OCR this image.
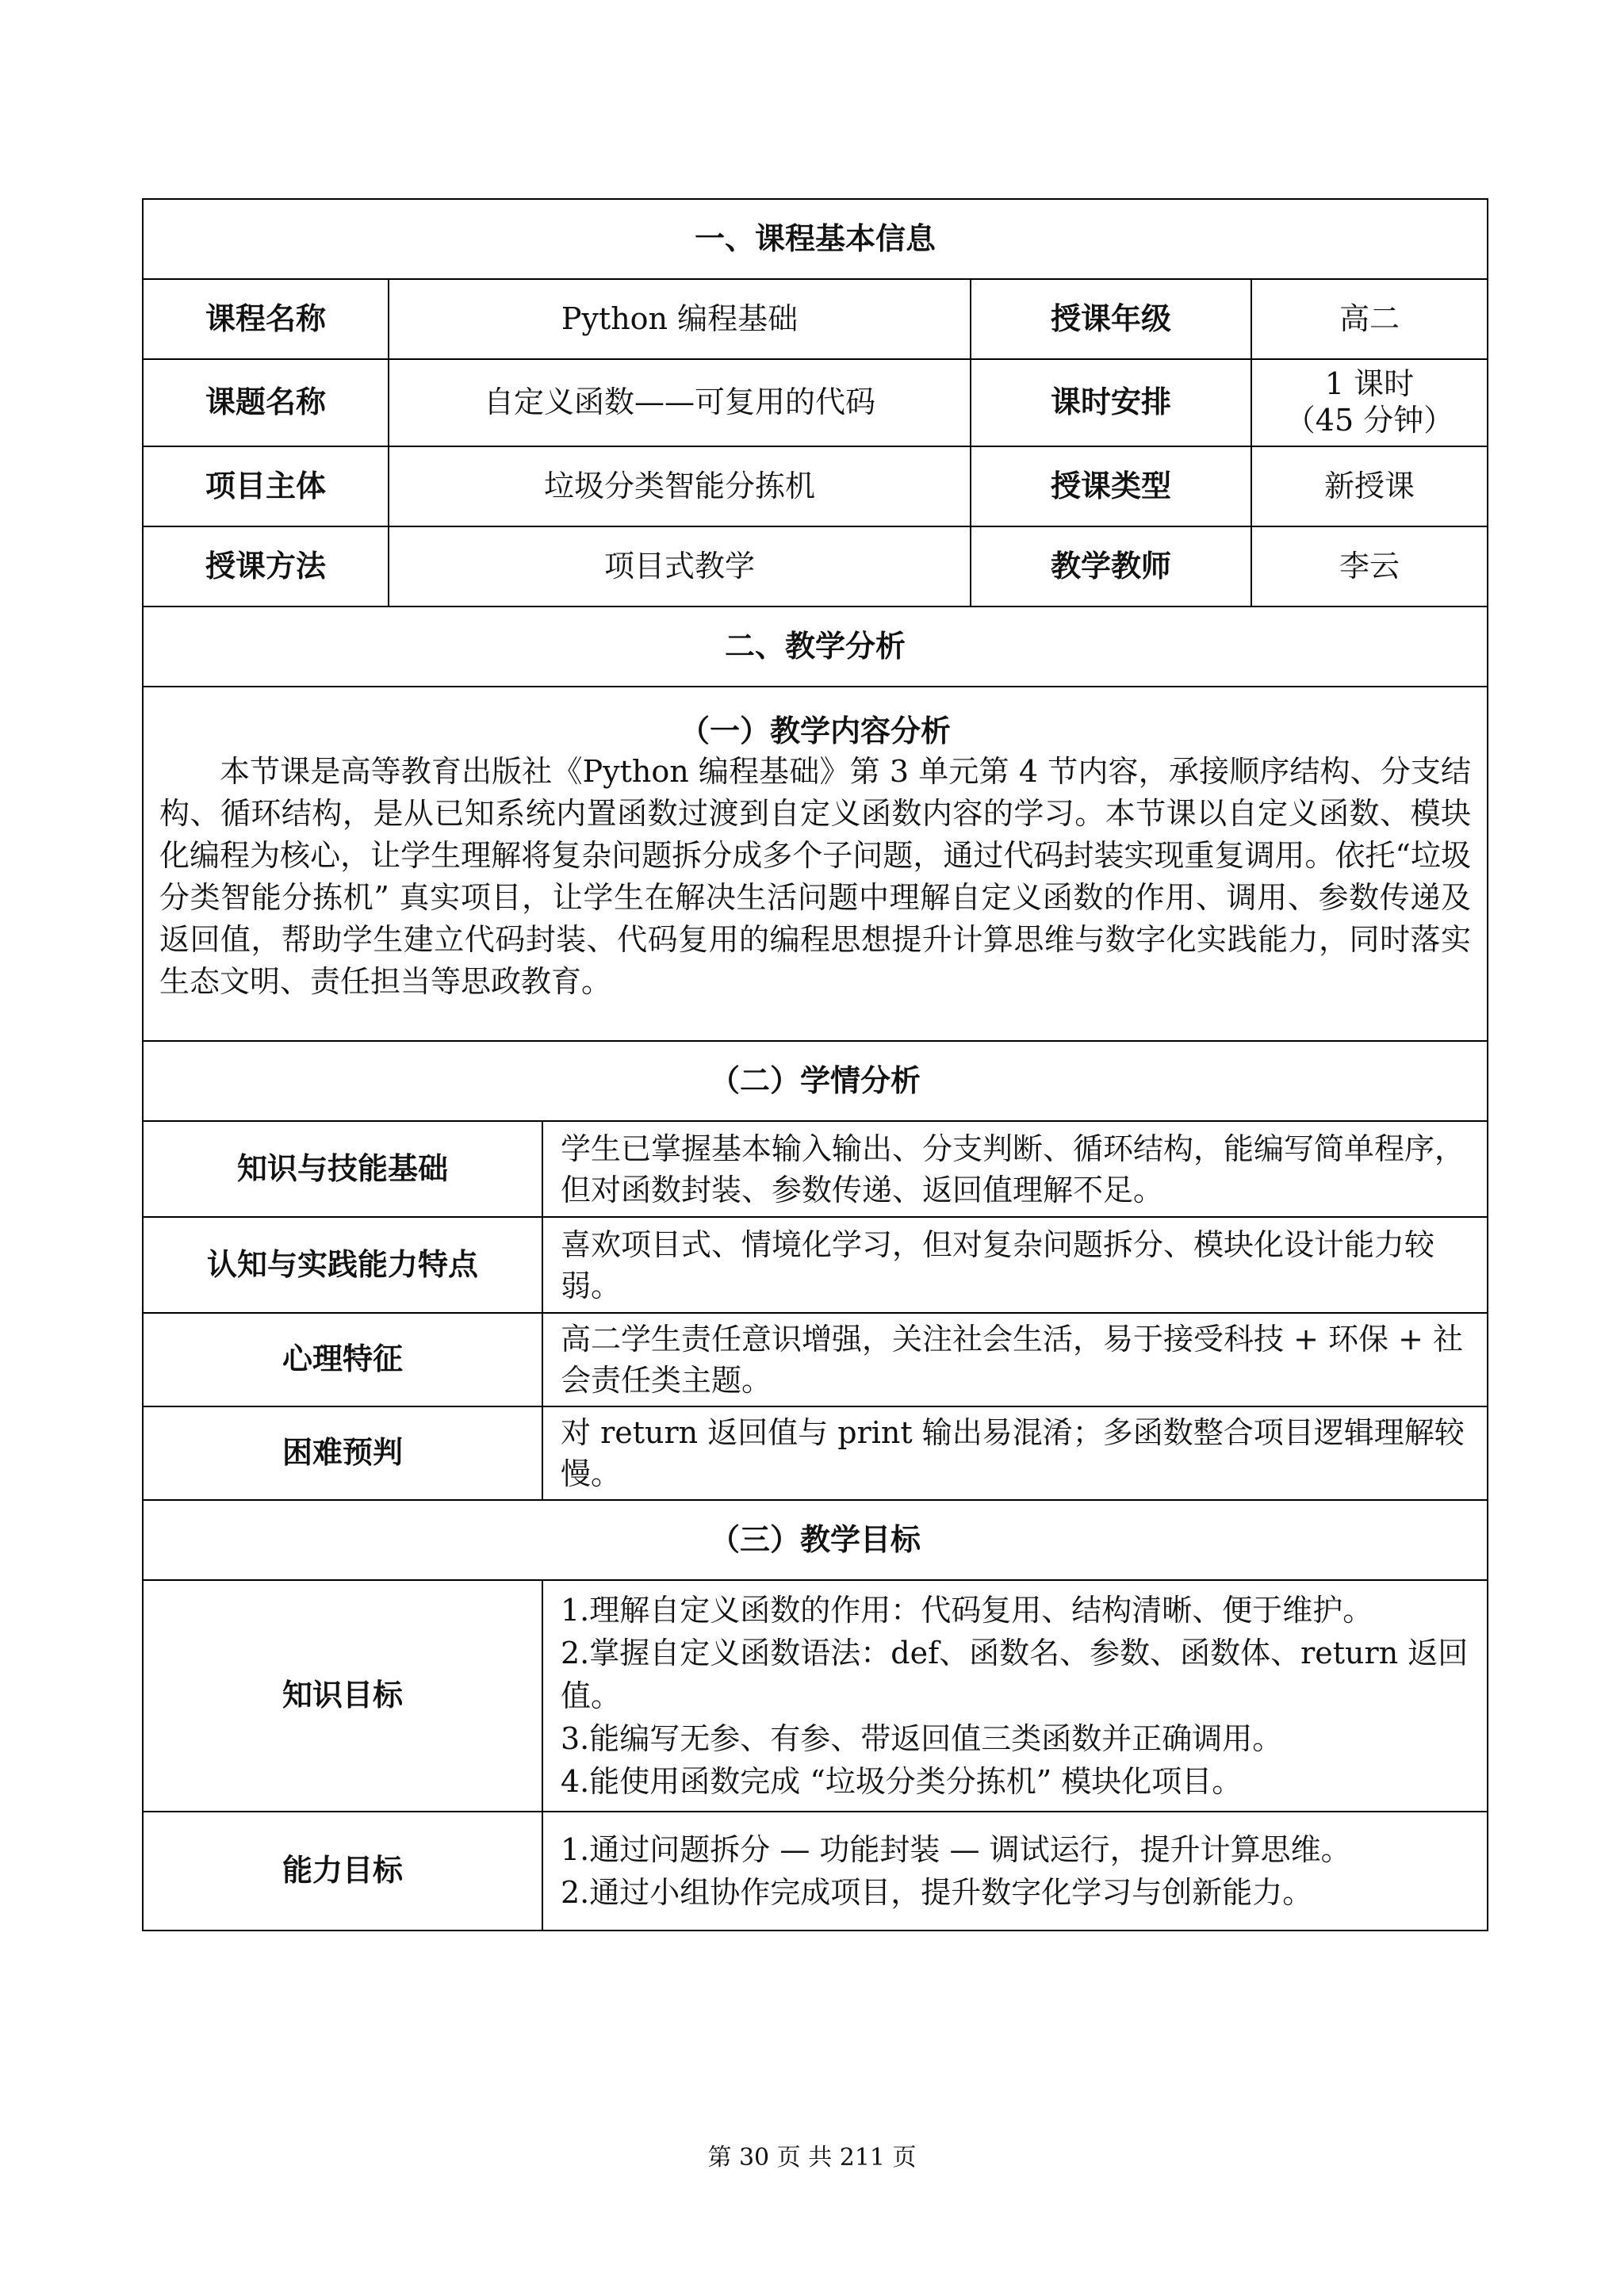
一、课程基本信息				
课程名称	Python 编程基础		授课年级	高二
课题名称	自定义函数——可复用的代码		课时安排	1 课时
（45 分钟）

项目主体	垃圾分类智能分拣机		授课类型	新授课
授课方法	项目式教学		教学教师	李云
二、教学分析				

（一）教学内容分析
本节课是高等教育出版社《Python 编程基础》第 3 单元第 4 节内容，承接顺序结构、分支结构、循环结构，是从已知系统内置函数过渡到自定义函数内容的学习。本节课以自定义函数、模块化编程为核心，让学生理解将复杂问题拆分成多个子问题，通过代码封装实现重复调用。依托“垃圾分类智能分拣机” 真实项目，让学生在解决生活问题中理解自定义函数的作用、调用、参数传递及返回值，帮助学生建立代码封装、代码复用的编程思想提升计算思维与数字化实践能力，同时落实生态文明、责任担当等思政教育。				

（二）学情分析				
知识与技能基础		学生已掌握基本输入输出、分支判断、循环结构，能编写简单程序，但对函数封装、参数传递、返回值理解不足。		
认知与实践能力特点		喜欢项目式、情境化学习，但对复杂问题拆分、模块化设计能力较弱。		
心理特征		高二学生责任意识增强，关注社会生活，易于接受科技 + 环保 + 社会责任类主题。		
困难预判		对 return 返回值与 print 输出易混淆；多函数整合项目逻辑理解较慢。		
（三）教学目标				
知识目标		1.理解自定义函数的作用：代码复用、结构清晰、便于维护。
2.掌握自定义函数语法：def、函数名、参数、函数体、return 返回值。
3.能编写无参、有参、带返回值三类函数并正确调用。
4.能使用函数完成 “垃圾分类分拣机” 模块化项目。		

能力目标		1.通过问题拆分 — 功能封装 — 调试运行，提升计算思维。
2.通过小组协作完成项目，提升数字化学习与创新能力。		
第 30 页 共 211 页
